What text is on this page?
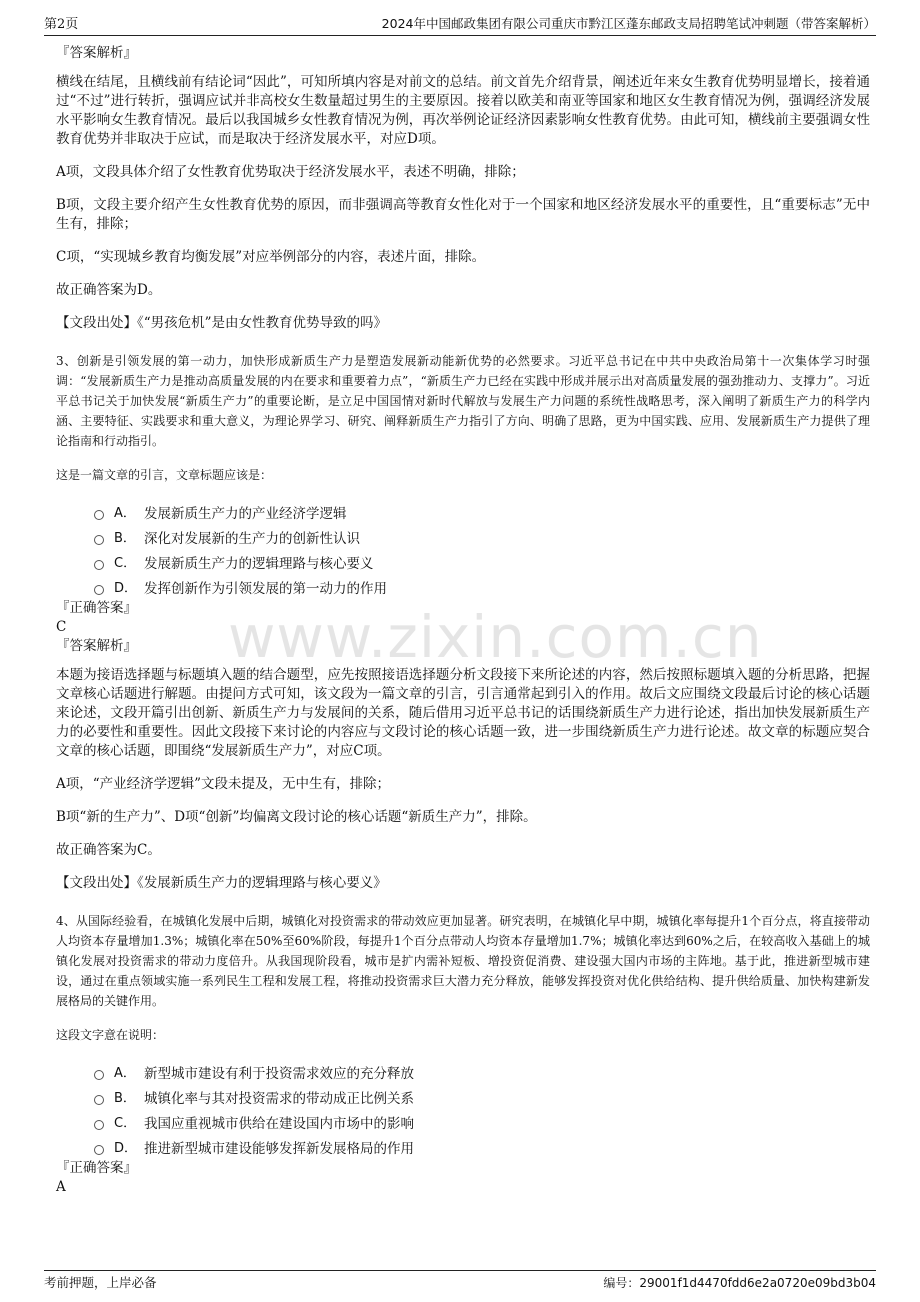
第2页	2024年中国邮政集团有限公司重庆市黔江区蓬东邮政支局招聘笔试冲刺题（带答案解析）
www.zixin.com.cn
『答案解析』

横线在结尾，且横线前有结论词“因此”，可知所填内容是对前文的总结。前文首先介绍背景，阐述近年来女生教育优势明显增长，接着通过“不过”进行转折，强调应试并非高校女生数量超过男生的主要原因。接着以欧美和南亚等国家和地区女生教育情况为例，强调经济发展水平影响女生教育情况。最后以我国城乡女性教育情况为例，再次举例论证经济因素影响女性教育优势。由此可知，横线前主要强调女性教育优势并非取决于应试，而是取决于经济发展水平，对应D项。

A项，文段具体介绍了女性教育优势取决于经济发展水平，表述不明确，排除；

B项，文段主要介绍产生女性教育优势的原因，而非强调高等教育女性化对于一个国家和地区经济发展水平的重要性，且“重要标志”无中生有，排除；

C项，“实现城乡教育均衡发展”对应举例部分的内容，表述片面，排除。

故正确答案为D。

【文段出处】《“男孩危机”是由女性教育优势导致的吗》

3、创新是引领发展的第一动力，加快形成新质生产力是塑造发展新动能新优势的必然要求。习近平总书记在中共中央政治局第十一次集体学习时强调：“发展新质生产力是推动高质量发展的内在要求和重要着力点”，“新质生产力已经在实践中形成并展示出对高质量发展的强劲推动力、支撑力”。习近平总书记关于加快发展“新质生产力”的重要论断，是立足中国国情对新时代解放与发展生产力问题的系统性战略思考，深入阐明了新质生产力的科学内涵、主要特征、实践要求和重大意义，为理论界学习、研究、阐释新质生产力指引了方向、明确了思路，更为中国实践、应用、发展新质生产力提供了理论指南和行动指引。

这是一篇文章的引言，文章标题应该是：

A． 发展新质生产力的产业经济学逻辑
B． 深化对发展新的生产力的创新性认识
C． 发展新质生产力的逻辑理路与核心要义
D． 发挥创新作为引领发展的第一动力的作用
『正确答案』
C
『答案解析』

本题为接语选择题与标题填入题的结合题型，应先按照接语选择题分析文段接下来所论述的内容，然后按照标题填入题的分析思路，把握文章核心话题进行解题。由提问方式可知，该文段为一篇文章的引言，引言通常起到引入的作用。故后文应围绕文段最后讨论的核心话题来论述，文段开篇引出创新、新质生产力与发展间的关系，随后借用习近平总书记的话围绕新质生产力进行论述，指出加快发展新质生产力的必要性和重要性。因此文段接下来讨论的内容应与文段讨论的核心话题一致，进一步围绕新质生产力进行论述。故文章的标题应契合文章的核心话题，即围绕“发展新质生产力”，对应C项。

A项，“产业经济学逻辑”文段未提及，无中生有，排除；

B项“新的生产力”、D项“创新”均偏离文段讨论的核心话题“新质生产力”，排除。

故正确答案为C。

【文段出处】《发展新质生产力的逻辑理路与核心要义》

4、从国际经验看，在城镇化发展中后期，城镇化对投资需求的带动效应更加显著。研究表明，在城镇化早中期，城镇化率每提升1个百分点，将直接带动人均资本存量增加1.3%；城镇化率在50%至60%阶段，每提升1个百分点带动人均资本存量增加1.7%；城镇化率达到60%之后，在较高收入基础上的城镇化发展对投资需求的带动力度倍升。从我国现阶段看，城市是扩内需补短板、增投资促消费、建设强大国内市场的主阵地。基于此，推进新型城市建设，通过在重点领域实施一系列民生工程和发展工程，将推动投资需求巨大潜力充分释放，能够发挥投资对优化供给结构、提升供给质量、加快构建新发展格局的关键作用。

这段文字意在说明：

A． 新型城市建设有利于投资需求效应的充分释放
B． 城镇化率与其对投资需求的带动成正比例关系
C． 我国应重视城市供给在建设国内市场中的影响
D． 推进新型城市建设能够发挥新发展格局的作用
『正确答案』
A
考前押题，上岸必备	编号：29001f1d4470fdd6e2a0720e09bd3b04
